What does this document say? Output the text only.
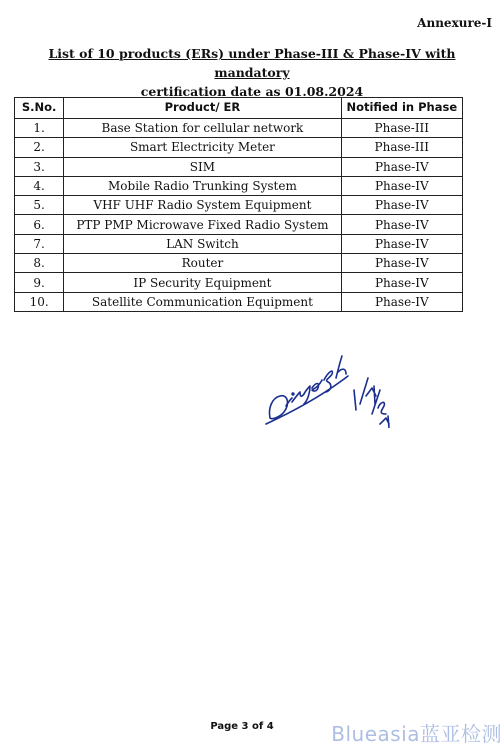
Annexure-I
List of 10 products (ERs) under Phase-III & Phase-IV with mandatory
certification date as 01.08.2024
S.No.	Product/ ER	Notified in Phase
1.	Base Station for cellular network	Phase-III
2.	Smart Electricity Meter	Phase-III
3.	SIM	Phase-IV
4.	Mobile Radio Trunking System	Phase-IV
5.	VHF UHF Radio System Equipment	Phase-IV
6.	PTP PMP Microwave Fixed Radio System	Phase-IV
7.	LAN Switch	Phase-IV
8.	Router	Phase-IV
9.	IP Security Equipment	Phase-IV
10.	Satellite Communication Equipment	Phase-IV
Page 3 of 4	Blueasia蓝亚检测
